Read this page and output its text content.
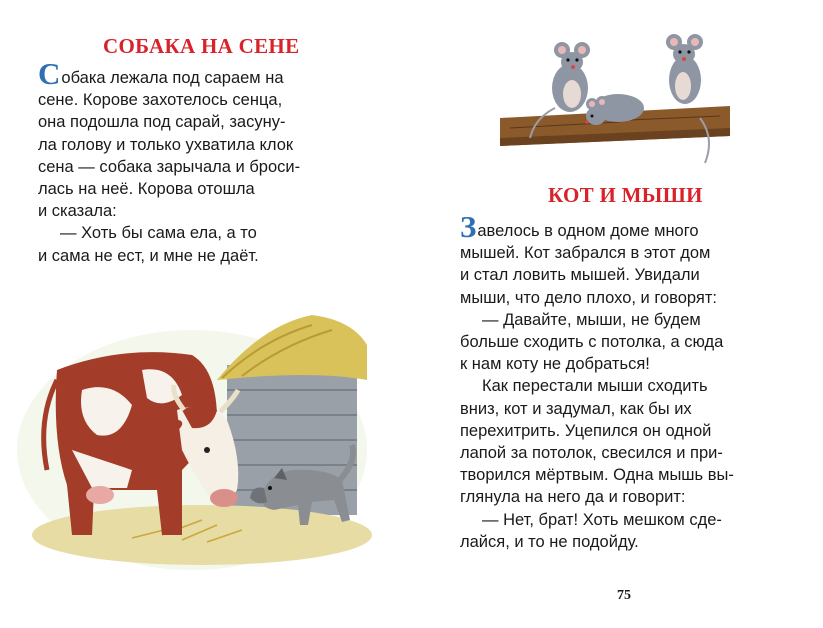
СОБАКА НА СЕНЕ

Собака лежала под сараем на

сене. Корове захотелось сенца,

она подошла под сарай, засуну-

ла голову и только ухватила клок

сена — собака зарычала и броси-

лась на неё. Корова отошла

и сказала:

— Хоть бы сама ела, а то

и сама не ест, и мне не даёт.

КОТ И МЫШИ

Завелось в одном доме много

мышей. Кот забрался в этот дом

и стал ловить мышей. Увидали

мыши, что дело плохо, и говорят:

— Давайте, мыши, не будем

больше сходить с потолка, а сюда

к нам коту не добраться!

Как перестали мыши сходить

вниз, кот и задумал, как бы их

перехитрить. Уцепился он одной

лапой за потолок, свесился и при-

творился мёртвым. Одна мышь вы-

глянула на него да и говорит:

— Нет, брат! Хоть мешком сде-

лайся, и то не подойду.

75
